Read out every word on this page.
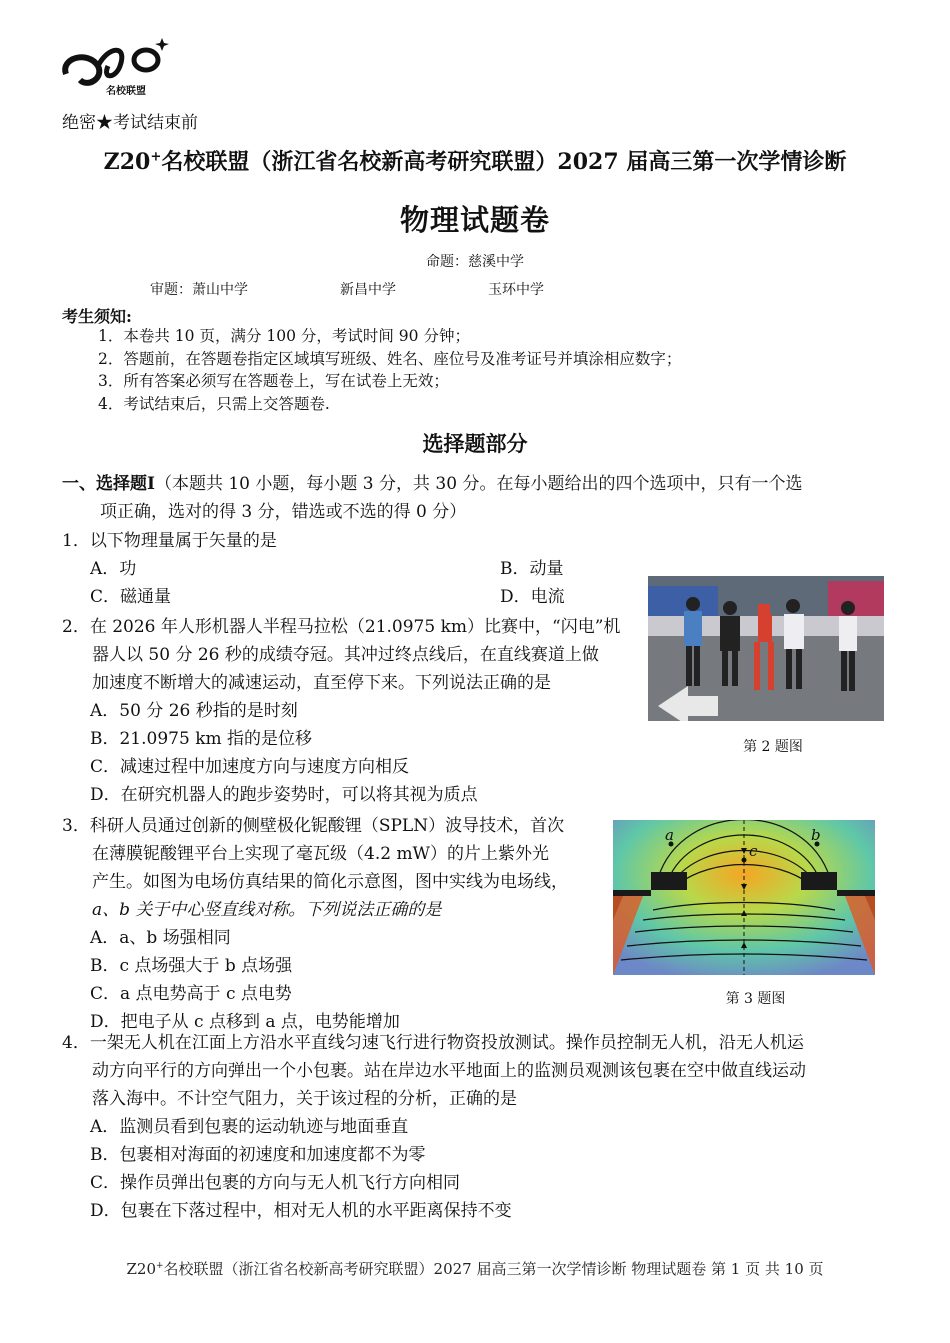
名校联盟
绝密★考试结束前
Z20+名校联盟（浙江省名校新高考研究联盟）2027 届高三第一次学情诊断
物理试题卷
命题：慈溪中学
审题：萧山中学	新昌中学	玉环中学
考生须知:
1．本卷共 10 页，满分 100 分，考试时间 90 分钟；
2．答题前，在答题卷指定区域填写班级、姓名、座位号及准考证号并填涂相应数字；
3．所有答案必须写在答题卷上，写在试卷上无效；
4．考试结束后，只需上交答题卷.
选择题部分
一、选择题Ⅰ（本题共 10 小题，每小题 3 分，共 30 分。在每小题给出的四个选项中，只有一个选
项正确，选对的得 3 分，错选或不选的得 0 分）
1．以下物理量属于矢量的是
A．功	B．动量
C．磁通量	D．电流
2．在 2026 年人形机器人半程马拉松（21.0975 km）比赛中，“闪电”机
器人以 50 分 26 秒的成绩夺冠。其冲过终点线后，在直线赛道上做
加速度不断增大的减速运动，直至停下来。下列说法正确的是
A．50 分 26 秒指的是时刻
B．21.0975 km 指的是位移
C．减速过程中加速度方向与速度方向相反
D．在研究机器人的跑步姿势时，可以将其视为质点
第 2 题图
3．科研人员通过创新的侧壁极化铌酸锂（SPLN）波导技术，首次
在薄膜铌酸锂平台上实现了毫瓦级（4.2 mW）的片上紫外光
产生。如图为电场仿真结果的简化示意图，图中实线为电场线，
a、b 关于中心竖直线对称。下列说法正确的是
A．a、b 场强相同
B．c 点场强大于 b 点场强
C．a 点电势高于 c 点电势
D．把电子从 c 点移到 a 点，电势能增加
a	b
c
第 3 题图
4．一架无人机在江面上方沿水平直线匀速飞行进行物资投放测试。操作员控制无人机，沿无人机运
动方向平行的方向弹出一个小包裹。站在岸边水平地面上的监测员观测该包裹在空中做直线运动
落入海中。不计空气阻力，关于该过程的分析，正确的是
A．监测员看到包裹的运动轨迹与地面垂直
B．包裹相对海面的初速度和加速度都不为零
C．操作员弹出包裹的方向与无人机飞行方向相同
D．包裹在下落过程中，相对无人机的水平距离保持不变
Z20+名校联盟（浙江省名校新高考研究联盟）2027 届高三第一次学情诊断 物理试题卷 第 1 页 共 10 页
